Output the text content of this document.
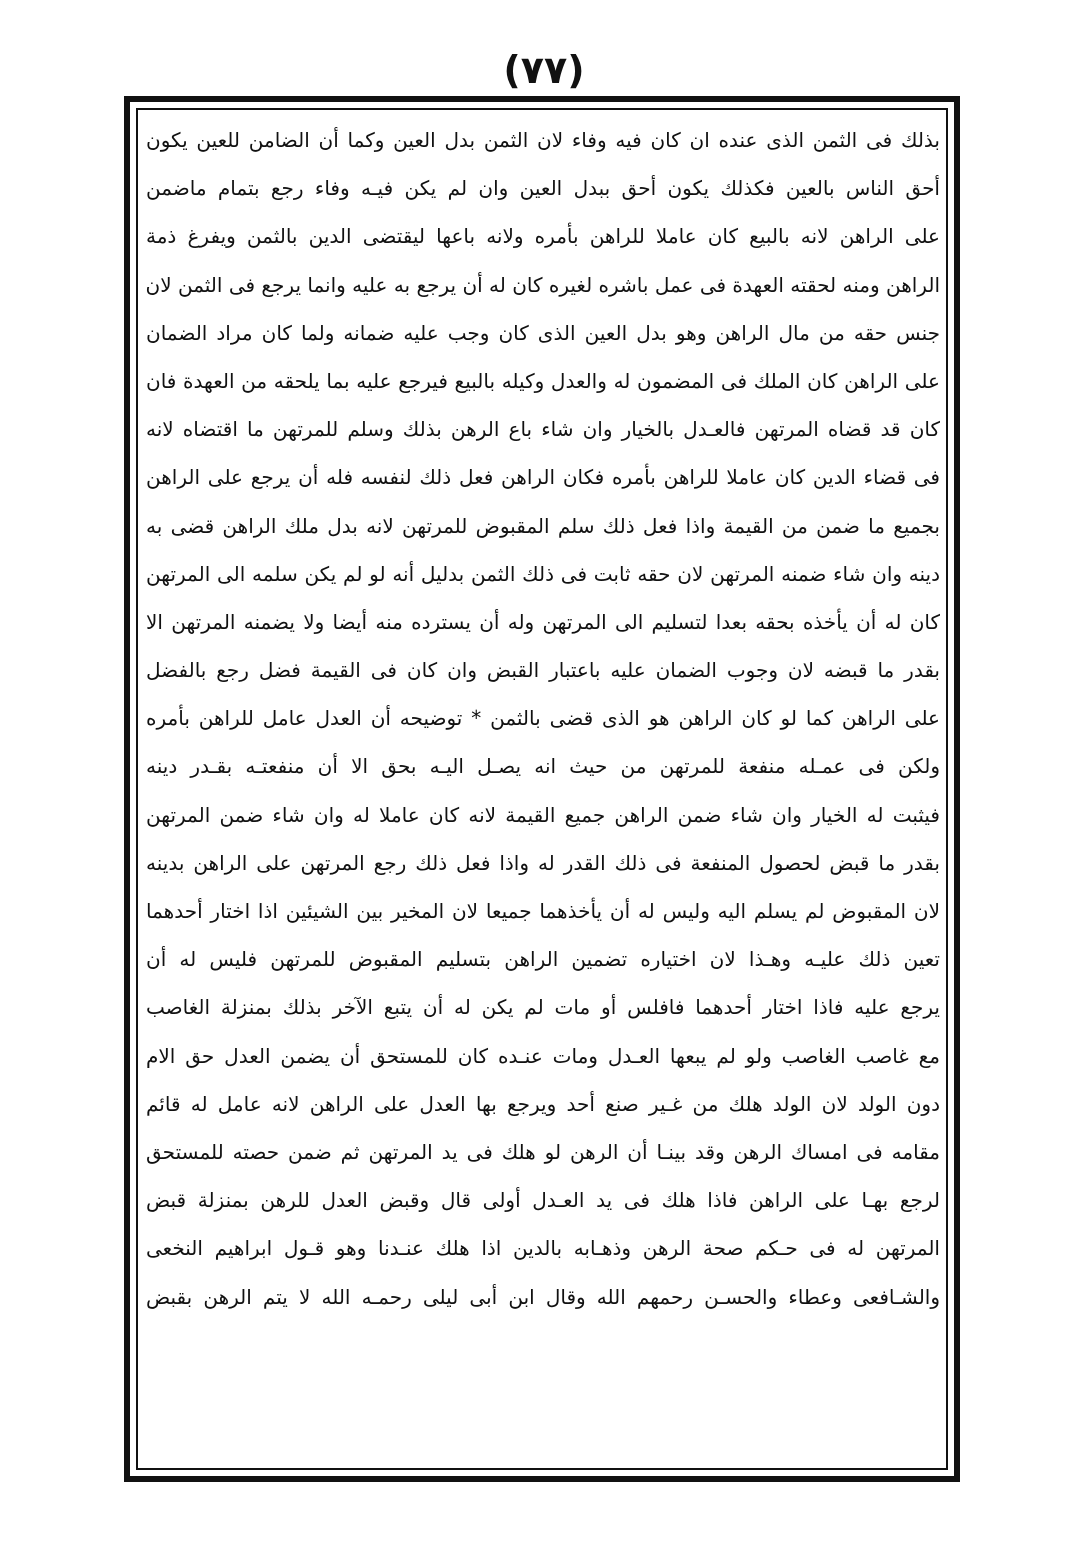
(٧٧)
بذلك فى الثمن الذى عنده ان كان فيه وفاء لان الثمن بدل العين وكما أن الضامن للعين يكون
أحق الناس بالعين فكذلك يكون أحق ببدل العين وان لم يكن فيـه وفاء رجع بتمام ماضمن
على الراهن لانه بالبيع كان عاملا للراهن بأمره ولانه باعها ليقتضى الدين بالثمن ويفرغ ذمة
الراهن ومنه لحقته العهدة فى عمل باشره لغيره كان له أن يرجع به عليه وانما يرجع فى الثمن لان
جنس حقه من مال الراهن وهو بدل العين الذى كان وجب عليه ضمانه ولما كان مراد الضمان
على الراهن كان الملك فى المضمون له والعدل وكيله بالبيع فيرجع عليه بما يلحقه من العهدة فان
كان قد قضاه المرتهن فالعـدل بالخيار وان شاء باع الرهن بذلك وسلم للمرتهن ما اقتضاه لانه
فى قضاء الدين كان عاملا للراهن بأمره فكان الراهن فعل ذلك لنفسه فله أن يرجع على الراهن
بجميع ما ضمن من القيمة واذا فعل ذلك سلم المقبوض للمرتهن لانه بدل ملك الراهن قضى به
دينه وان شاء ضمنه المرتهن لان حقه ثابت فى ذلك الثمن بدليل أنه لو لم يكن سلمه الى المرتهن
كان له أن يأخذه بحقه بعدا لتسليم الى المرتهن وله أن يسترده منه أيضا ولا يضمنه المرتهن الا
بقدر ما قبضه لان وجوب الضمان عليه باعتبار القبض وان كان فى القيمة فضل رجع بالفضل
على الراهن كما لو كان الراهن هو الذى قضى بالثمن * توضيحه أن العدل عامل للراهن بأمره
ولكن فى عمـله منفعة للمرتهن من حيث انه يصـل اليـه بحق الا أن منفعتـه بقـدر دينه
فيثبت له الخيار وان شاء ضمن الراهن جميع القيمة لانه كان عاملا له وان شاء ضمن المرتهن
بقدر ما قبض لحصول المنفعة فى ذلك القدر له واذا فعل ذلك رجع المرتهن على الراهن بدينه
لان المقبوض لم يسلم اليه وليس له أن يأخذهما جميعا لان المخير بين الشيئين اذا اختار أحدهما
تعين ذلك عليـه وهـذا لان اختياره تضمين الراهن بتسليم المقبوض للمرتهن فليس له أن
يرجع عليه فاذا اختار أحدهما فافلس أو مات لم يكن له أن يتبع الآخر بذلك بمنزلة الغاصب
مع غاصب الغاصب ولو لم يبعها العـدل ومات عنـده كان للمستحق أن يضمن العدل حق الام
دون الولد لان الولد هلك من غـير صنع أحد ويرجع بها العدل على الراهن لانه عامل له قائم
مقامه فى امساك الرهن وقد بينـا أن الرهن لو هلك فى يد المرتهن ثم ضمن حصته للمستحق
لرجع بهـا على الراهن فاذا هلك فى يد العـدل أولى قال وقبض العدل للرهن بمنزلة قبض
المرتهن له فى حـكم صحة الرهن وذهـابه بالدين اذا هلك عنـدنا وهو قـول ابراهيم النخعى
والشـافعى وعطاء والحسـن رحمهم الله وقال ابن أبى ليلى رحمـه الله لا يتم الرهن بقبض
